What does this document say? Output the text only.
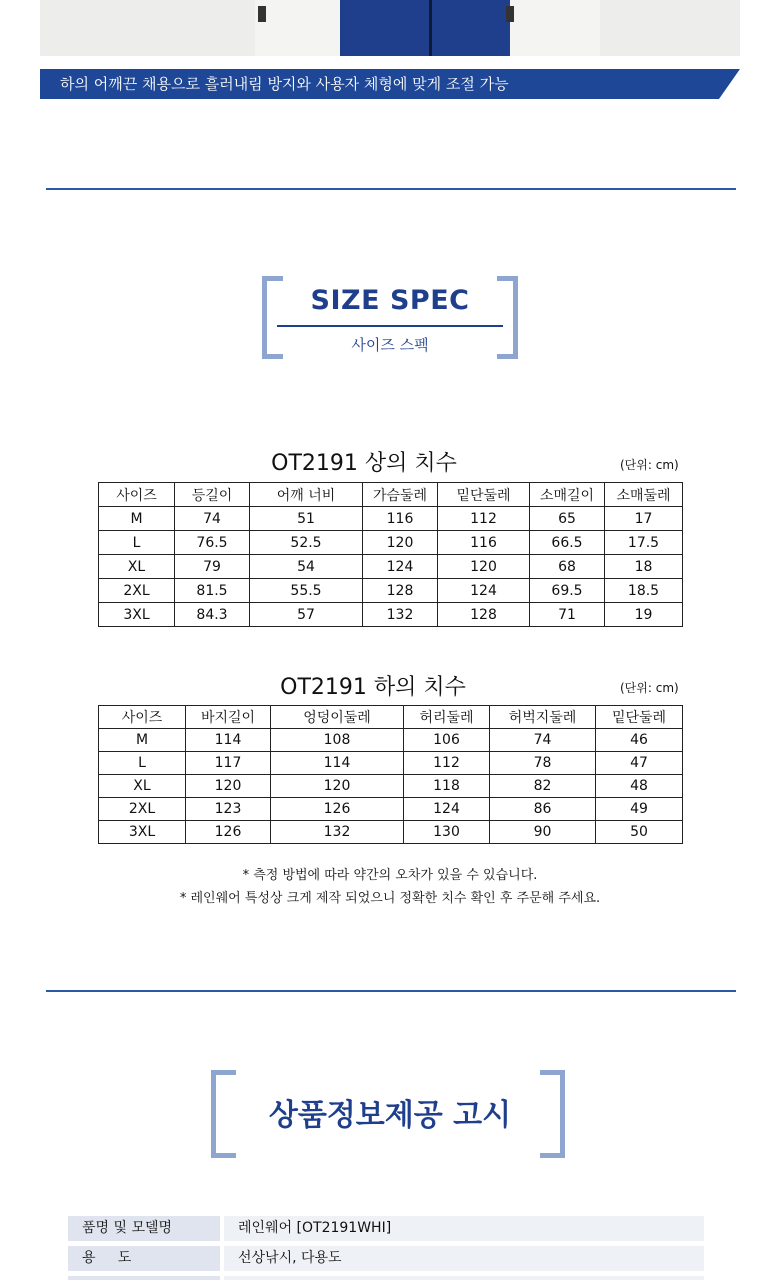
하의 어깨끈 채용으로 흘러내림 방지와 사용자 체형에 맞게 조절 가능
SIZE SPEC
사이즈 스펙
OT2191 상의 치수	(단위: cm)
사이즈	등길이	어깨 너비	가슴둘레	밑단둘레	소매길이	소매둘레
M	74	51	116	112	65	17
L	76.5	52.5	120	116	66.5	17.5
XL	79	54	124	120	68	18
2XL	81.5	55.5	128	124	69.5	18.5
3XL	84.3	57	132	128	71	19
OT2191 하의 치수	(단위: cm)
사이즈	바지길이	엉덩이둘레	허리둘레	허벅지둘레	밑단둘레
M	114	108	106	74	46
L	117	114	112	78	47
XL	120	120	118	82	48
2XL	123	126	124	86	49
3XL	126	132	130	90	50
* 측정 방법에 따라 약간의 오차가 있을 수 있습니다.
* 레인웨어 특성상 크게 제작 되었으니 정확한 치수 확인 후 주문해 주세요.
상품정보제공 고시
품명 및 모델명	레인웨어 [OT2191WHI]
용     도	선상낚시, 다용도
